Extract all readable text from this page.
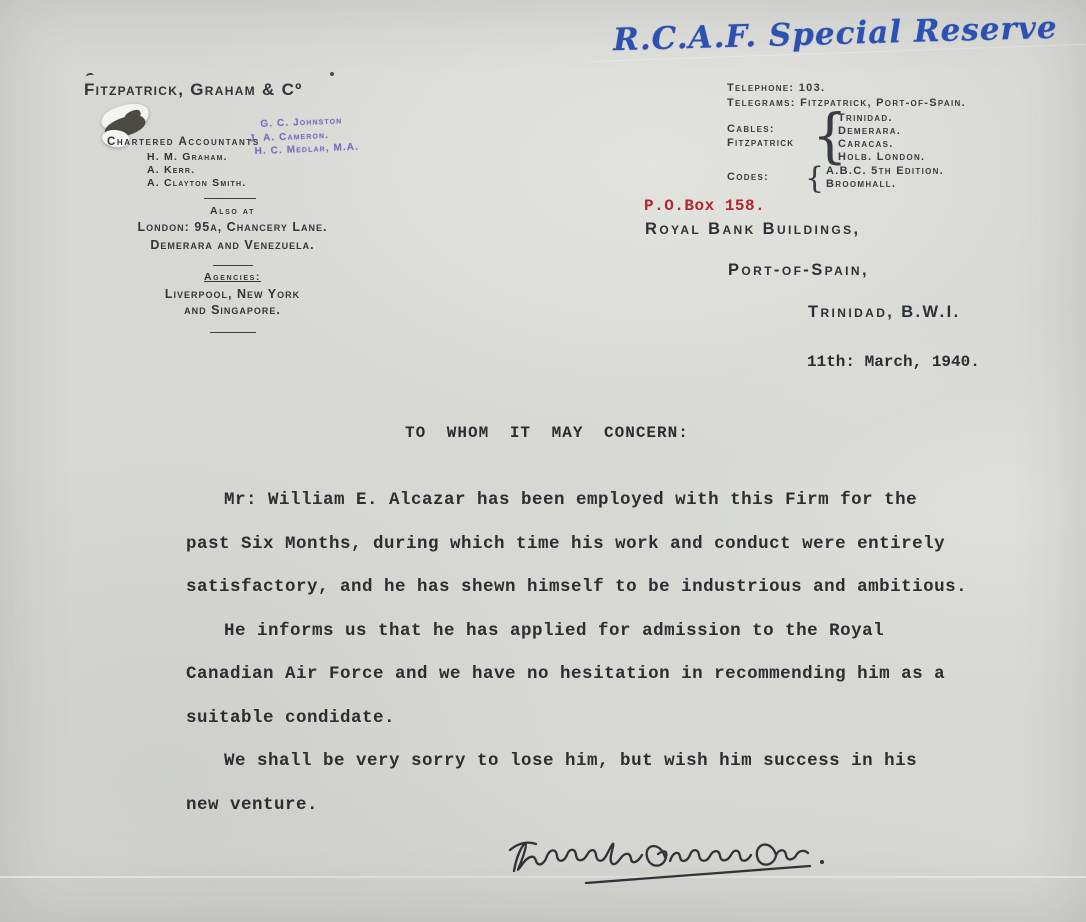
R.C.A.F. Special Reserve
Fitzpatrick, Graham & Cº
Chartered Accountants
H. M. Graham.
A. Kerr.
A. Clayton Smith.
G. C. Johnston
J. A. Cameron.
H. C. Medlar, M.A.
Also at
London: 95a, Chancery Lane.
Demerara and Venezuela.
Agencies:
Liverpool, New York
and Singapore.
Telephone: 103.
Telegrams: Fitzpatrick, Port-of-Spain.
Cables:
Fitzpatrick {
Trinidad.
Demerara.
Caracas.
Holb. London.
Codes: { A.B.C. 5th Edition.
Broomhall.
P.O.Box 158.
Royal Bank Buildings,
Port-of-Spain,
Trinidad, B.W.I.
11th: March, 1940.
TO WHOM IT MAY CONCERN:
Mr: William E. Alcazar has been employed with this Firm for the
past Six Months, during which time his work and conduct were entirely
satisfactory, and he has shewn himself to be industrious and ambitious.
He informs us that he has applied for admission to the Royal
Canadian Air Force and we have no hesitation in recommending him as a
suitable condidate.
We shall be very sorry to lose him, but wish him success in his
new venture.
